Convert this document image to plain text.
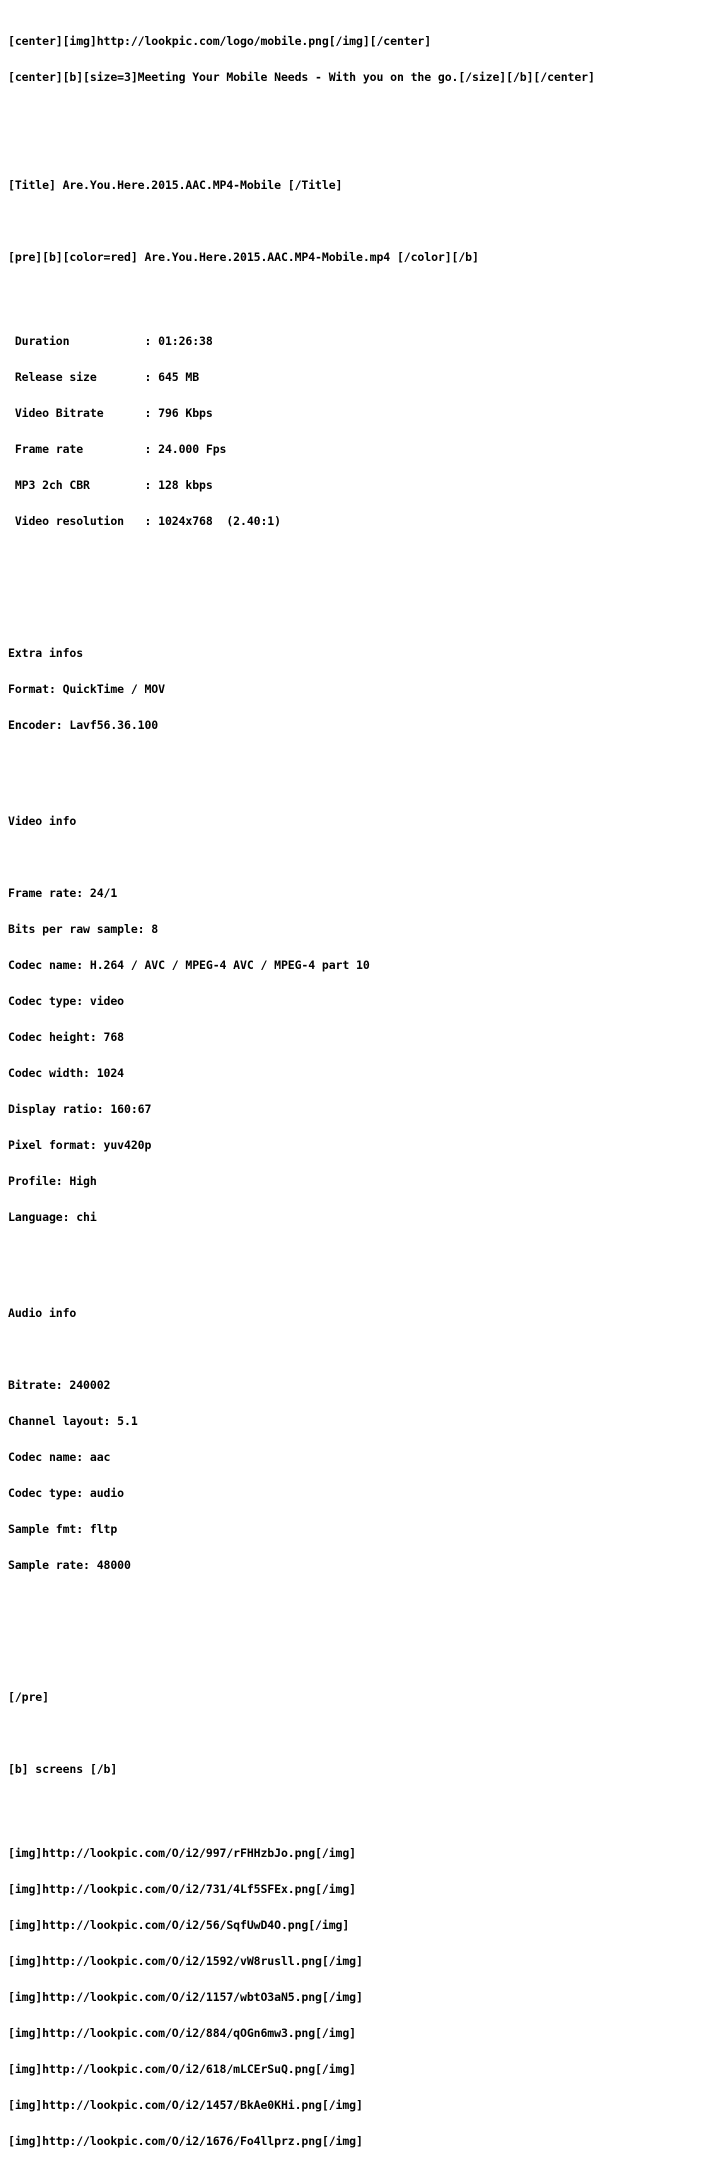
[center][img]http://lookpic.com/logo/mobile.png[/img][/center]

[center][b][size=3]Meeting Your Mobile Needs - With you on the go.[/size][/b][/center]

[Title] Are.You.Here.2015.AAC.MP4-Mobile [/Title]

[pre][b][color=red] Are.You.Here.2015.AAC.MP4-Mobile.mp4 [/color][/b]

Duration           : 01:26:38

Release size       : 645 MB

Video Bitrate      : 796 Kbps

Frame rate         : 24.000 Fps

MP3 2ch CBR        : 128 kbps

Video resolution   : 1024x768  (2.40:1)

Extra infos

Format: QuickTime / MOV

Encoder: Lavf56.36.100

Video info

Frame rate: 24/1

Bits per raw sample: 8

Codec name: H.264 / AVC / MPEG-4 AVC / MPEG-4 part 10

Codec type: video

Codec height: 768

Codec width: 1024

Display ratio: 160:67

Pixel format: yuv420p

Profile: High

Language: chi

Audio info

Bitrate: 240002

Channel layout: 5.1

Codec name: aac

Codec type: audio

Sample fmt: fltp

Sample rate: 48000

[/pre]

[b] screens [/b]

[img]http://lookpic.com/O/i2/997/rFHHzbJo.png[/img]

[img]http://lookpic.com/O/i2/731/4Lf5SFEx.png[/img]

[img]http://lookpic.com/O/i2/56/SqfUwD4O.png[/img]

[img]http://lookpic.com/O/i2/1592/vW8rusll.png[/img]

[img]http://lookpic.com/O/i2/1157/wbtO3aN5.png[/img]

[img]http://lookpic.com/O/i2/884/qOGn6mw3.png[/img]

[img]http://lookpic.com/O/i2/618/mLCErSuQ.png[/img]

[img]http://lookpic.com/O/i2/1457/BkAe0KHi.png[/img]

[img]http://lookpic.com/O/i2/1676/Fo4llprz.png[/img]
